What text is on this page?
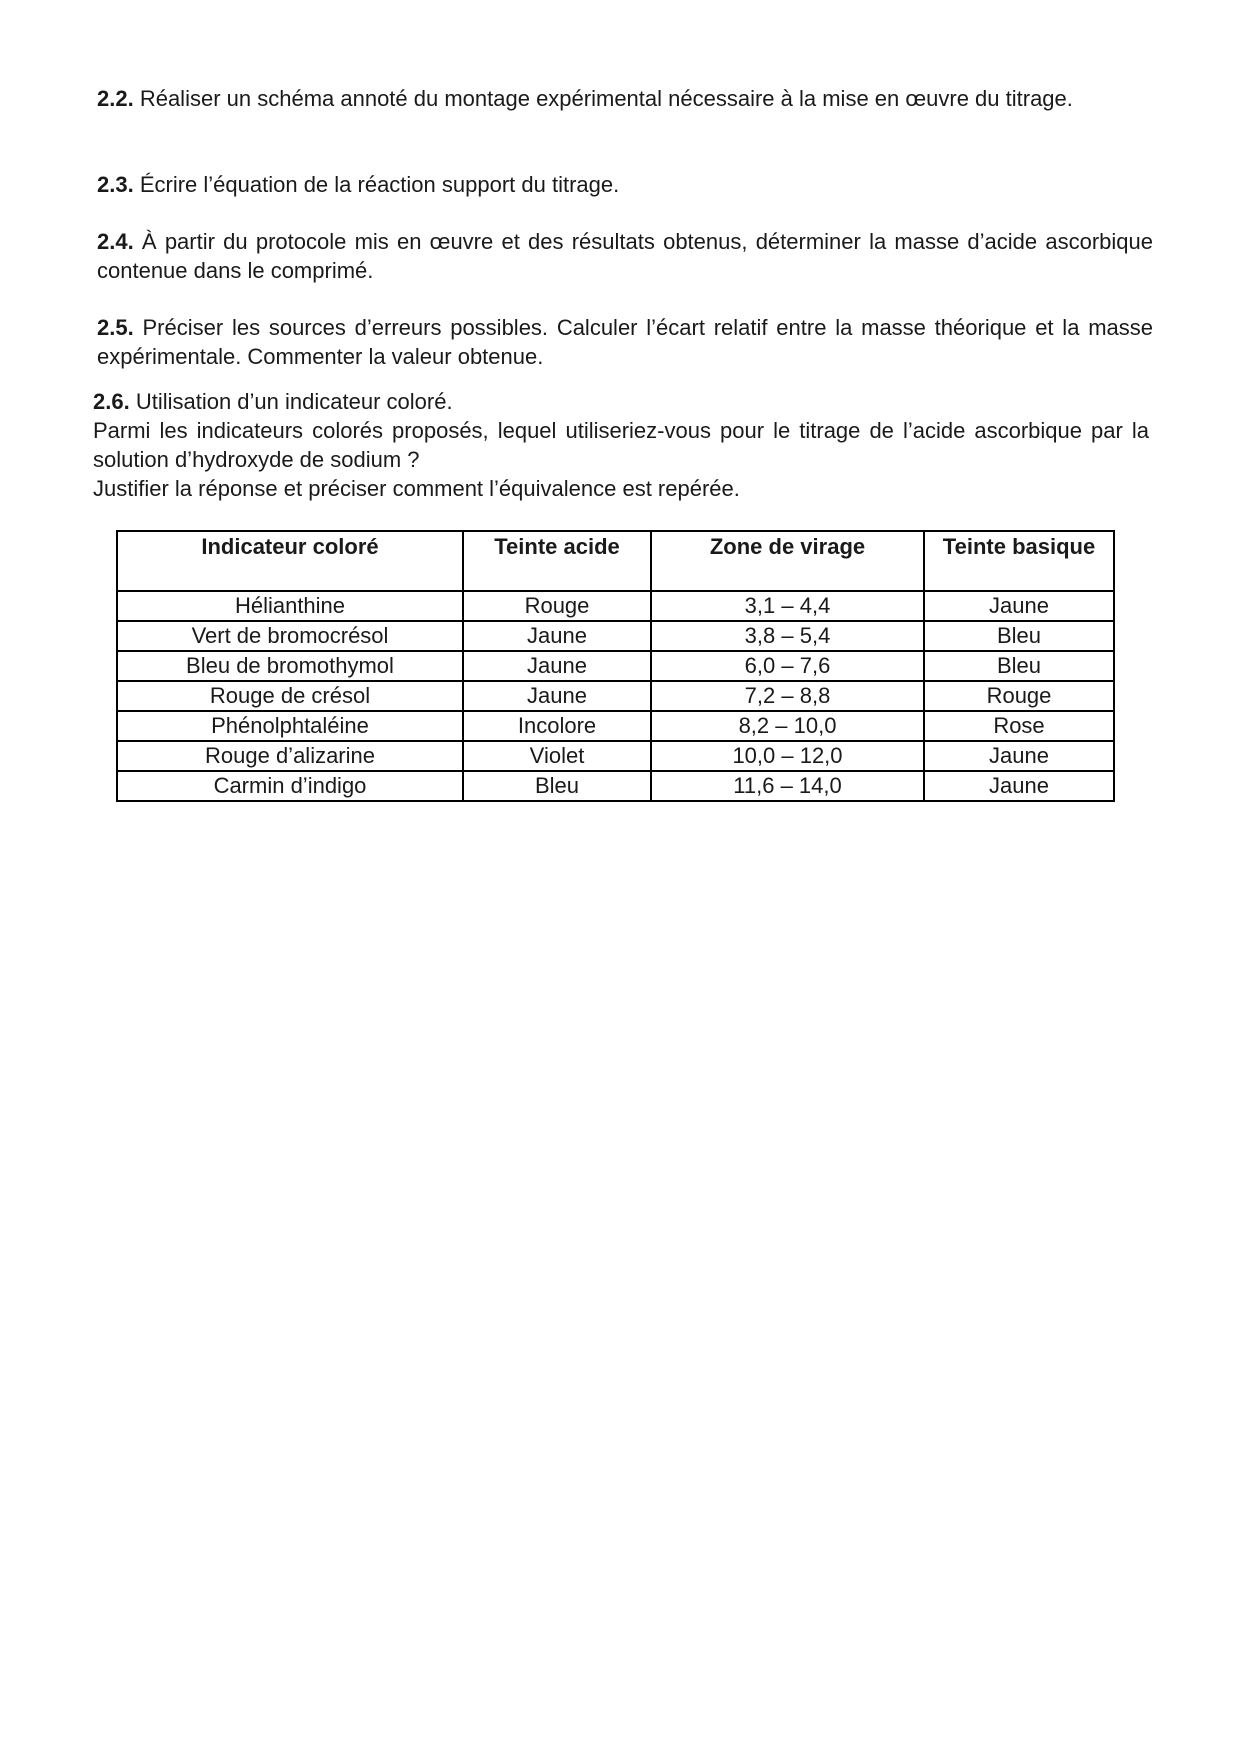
2.2. Réaliser un schéma annoté du montage expérimental nécessaire à la mise en œuvre du titrage.
2.3. Écrire l’équation de la réaction support du titrage.
2.4. À partir du protocole mis en œuvre et des résultats obtenus, déterminer la masse d’acide ascorbique contenue dans le comprimé.
2.5. Préciser les sources d’erreurs possibles. Calculer l’écart relatif entre la masse théorique et la masse expérimentale. Commenter la valeur obtenue.
2.6. Utilisation d’un indicateur coloré.
Parmi les indicateurs colorés proposés, lequel utiliseriez-vous pour le titrage de l’acide ascorbique par la solution d’hydroxyde de sodium ?
Justifier la réponse et préciser comment l’équivalence est repérée.
Indicateur coloré	Teinte acide	Zone de virage	Teinte basique
Hélianthine	Rouge	3,1 – 4,4	Jaune
Vert de bromocrésol	Jaune	3,8 – 5,4	Bleu
Bleu de bromothymol	Jaune	6,0 – 7,6	Bleu
Rouge de crésol	Jaune	7,2 – 8,8	Rouge
Phénolphtaléine	Incolore	8,2 – 10,0	Rose
Rouge d’alizarine	Violet	10,0 – 12,0	Jaune
Carmin d’indigo	Bleu	11,6 – 14,0	Jaune
